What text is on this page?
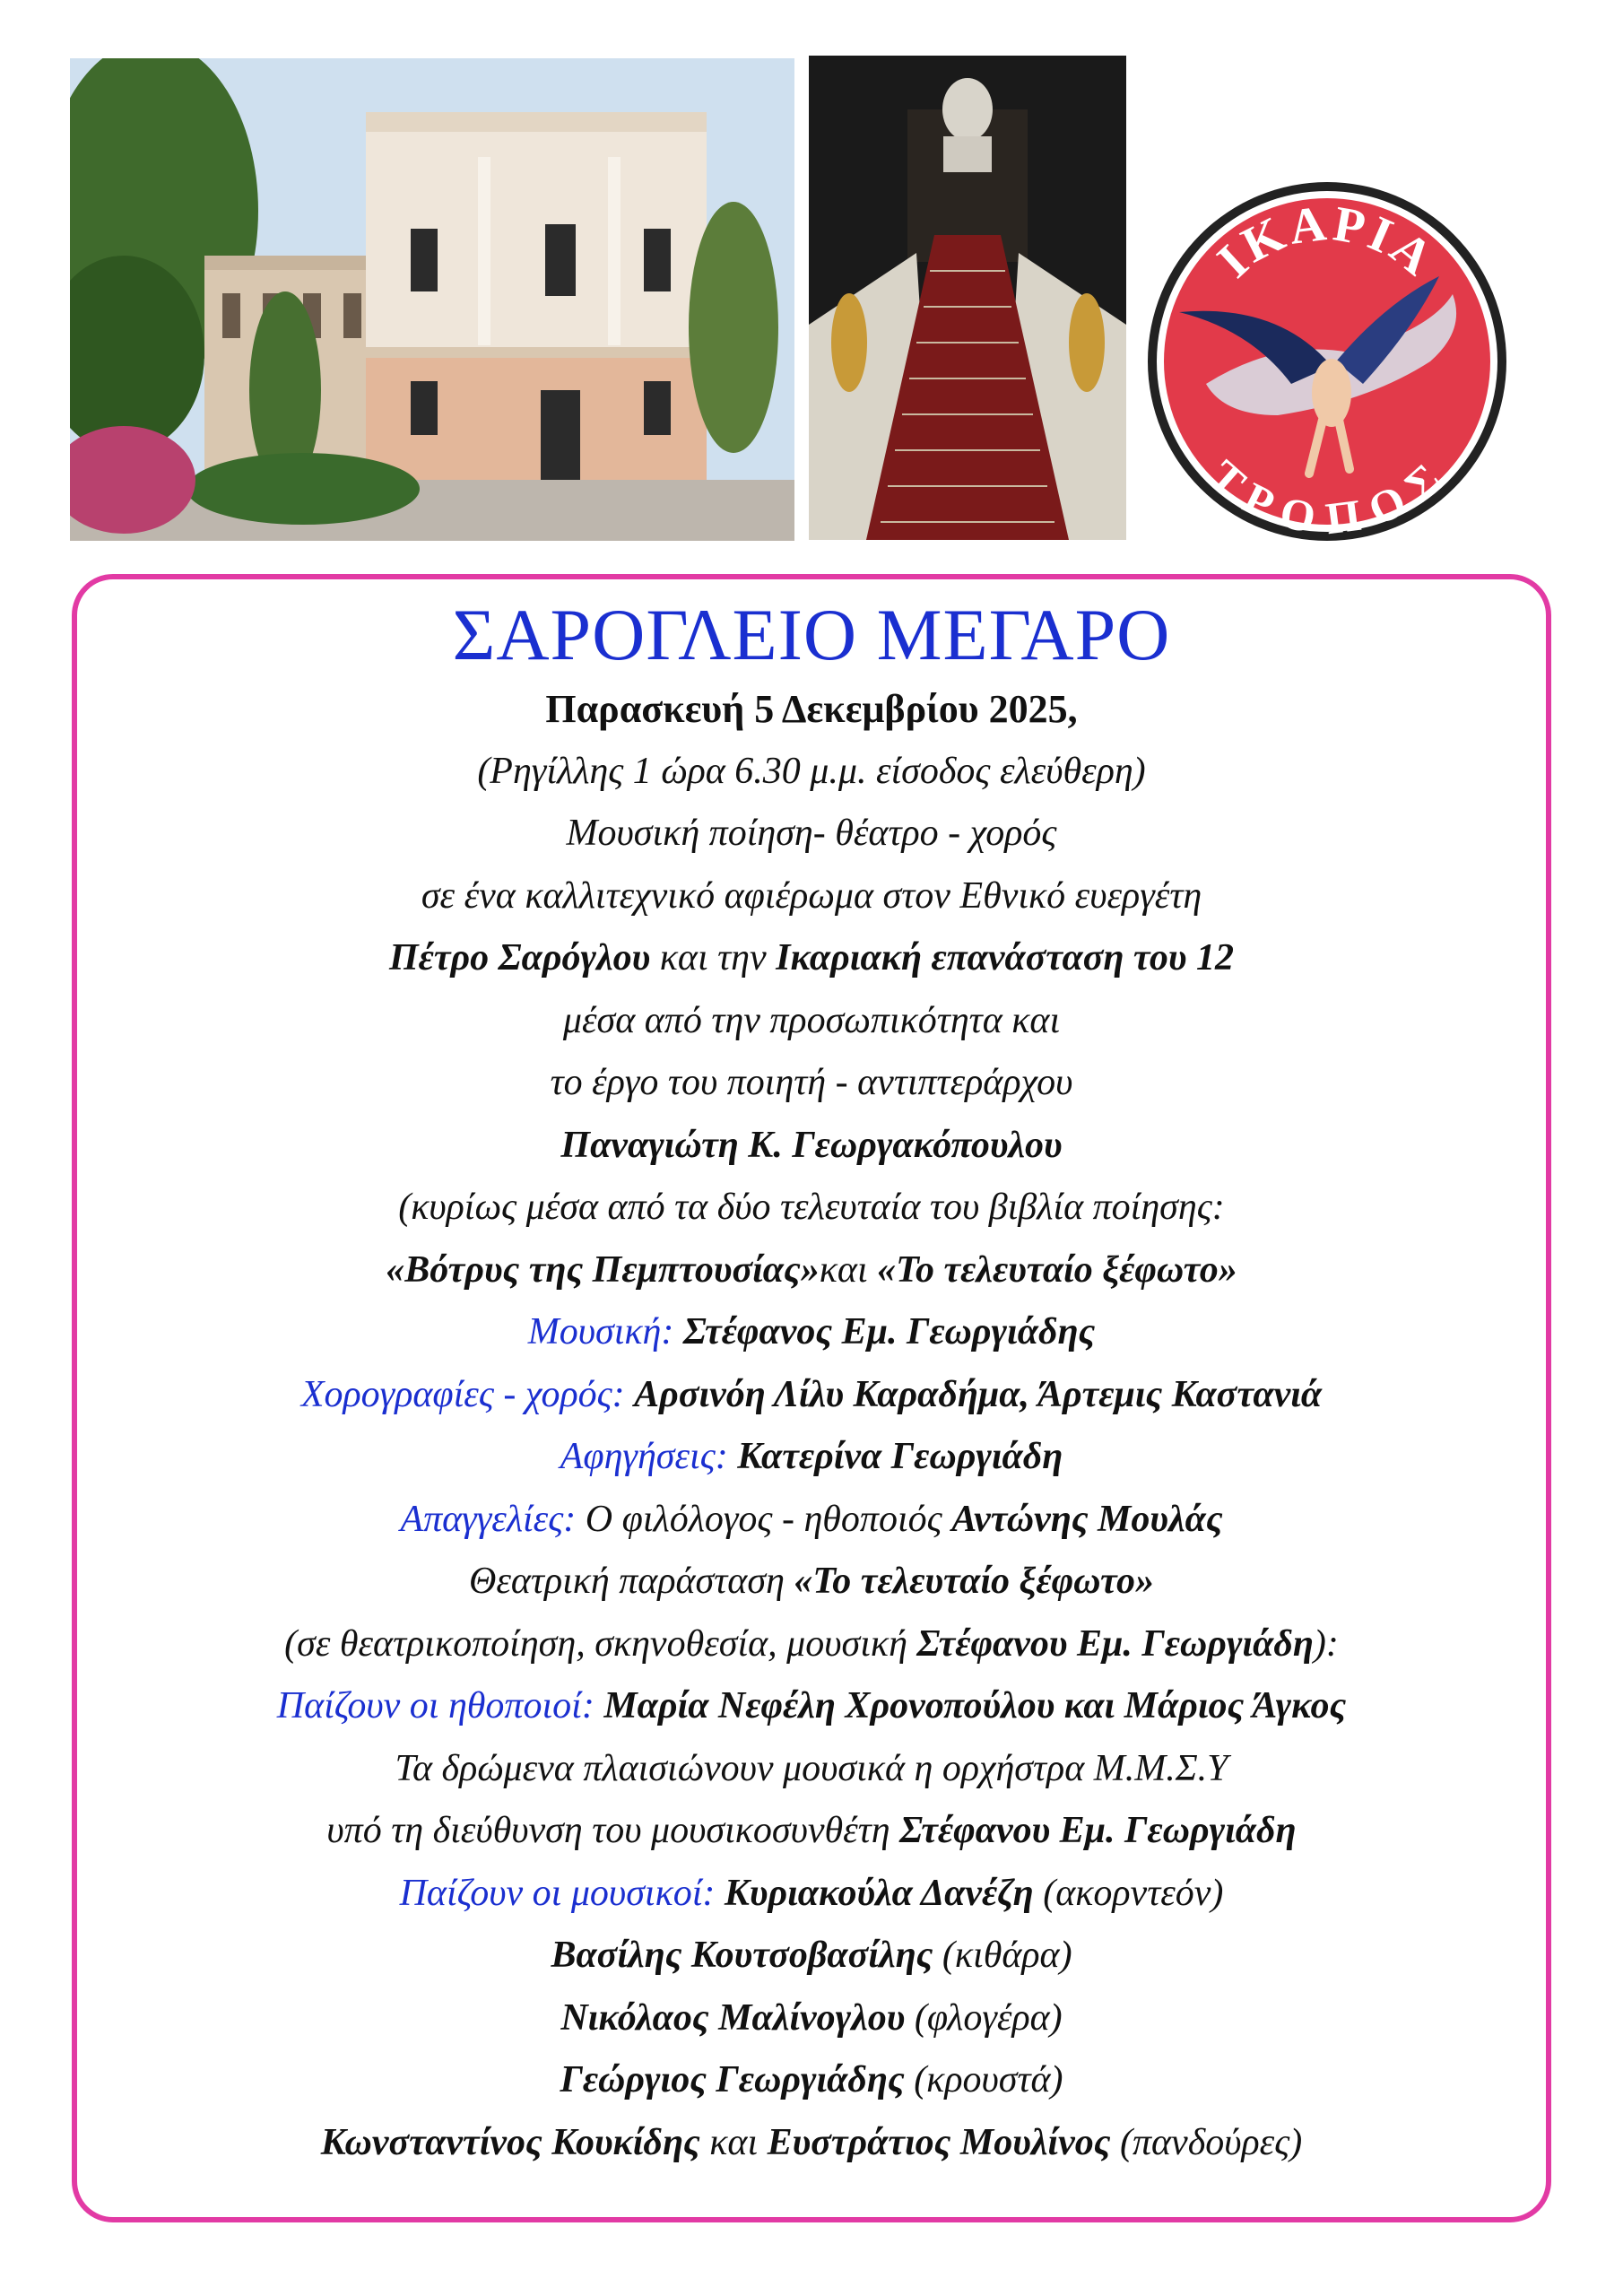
ΙΚΑΡΙΑ
ΤΡΟΠΟΣ
ΣΑΡΟΓΛΕΙΟ ΜΕΓΑΡΟ
Παρασκευή 5 Δεκεμβρίου 2025,
(Ρηγίλλης 1 ώρα 6.30 μ.μ. είσοδος ελεύθερη)
Μουσική ποίηση- θέατρο - χορός
σε ένα καλλιτεχνικό αφιέρωμα στον Εθνικό ευεργέτη
Πέτρο Σαρόγλου και την Ικαριακή επανάσταση του 12
μέσα από την προσωπικότητα και
το έργο του ποιητή - αντιπτεράρχου
Παναγιώτη Κ. Γεωργακόπουλου
(κυρίως μέσα από τα δύο τελευταία του βιβλία ποίησης:
«Βότρυς της Πεμπτουσίας»και «Το τελευταίο ξέφωτο»
Μουσική: Στέφανος Εμ. Γεωργιάδης
Χορογραφίες - χορός: Αρσινόη Λίλυ Καραδήμα, Άρτεμις Καστανιά
Αφηγήσεις: Κατερίνα Γεωργιάδη
Απαγγελίες: Ο φιλόλογος - ηθοποιός Αντώνης Μουλάς
Θεατρική παράσταση «Το τελευταίο ξέφωτο»
(σε θεατρικοποίηση, σκηνοθεσία, μουσική Στέφανου Εμ. Γεωργιάδη):
Παίζουν οι ηθοποιοί: Μαρία Νεφέλη Χρονοπούλου και Μάριος Άγκος
Τα δρώμενα πλαισιώνουν μουσικά η ορχήστρα Μ.Μ.Σ.Υ
υπό τη διεύθυνση του μουσικοσυνθέτη Στέφανου Εμ. Γεωργιάδη
Παίζουν οι μουσικοί: Κυριακούλα Δανέζη (ακορντεόν)
Βασίλης Κουτσοβασίλης (κιθάρα)
Νικόλαος Μαλίνογλου (φλογέρα)
Γεώργιος Γεωργιάδης (κρουστά)
Κωνσταντίνος Κουκίδης και Ευστράτιος Μουλίνος (πανδούρες)
